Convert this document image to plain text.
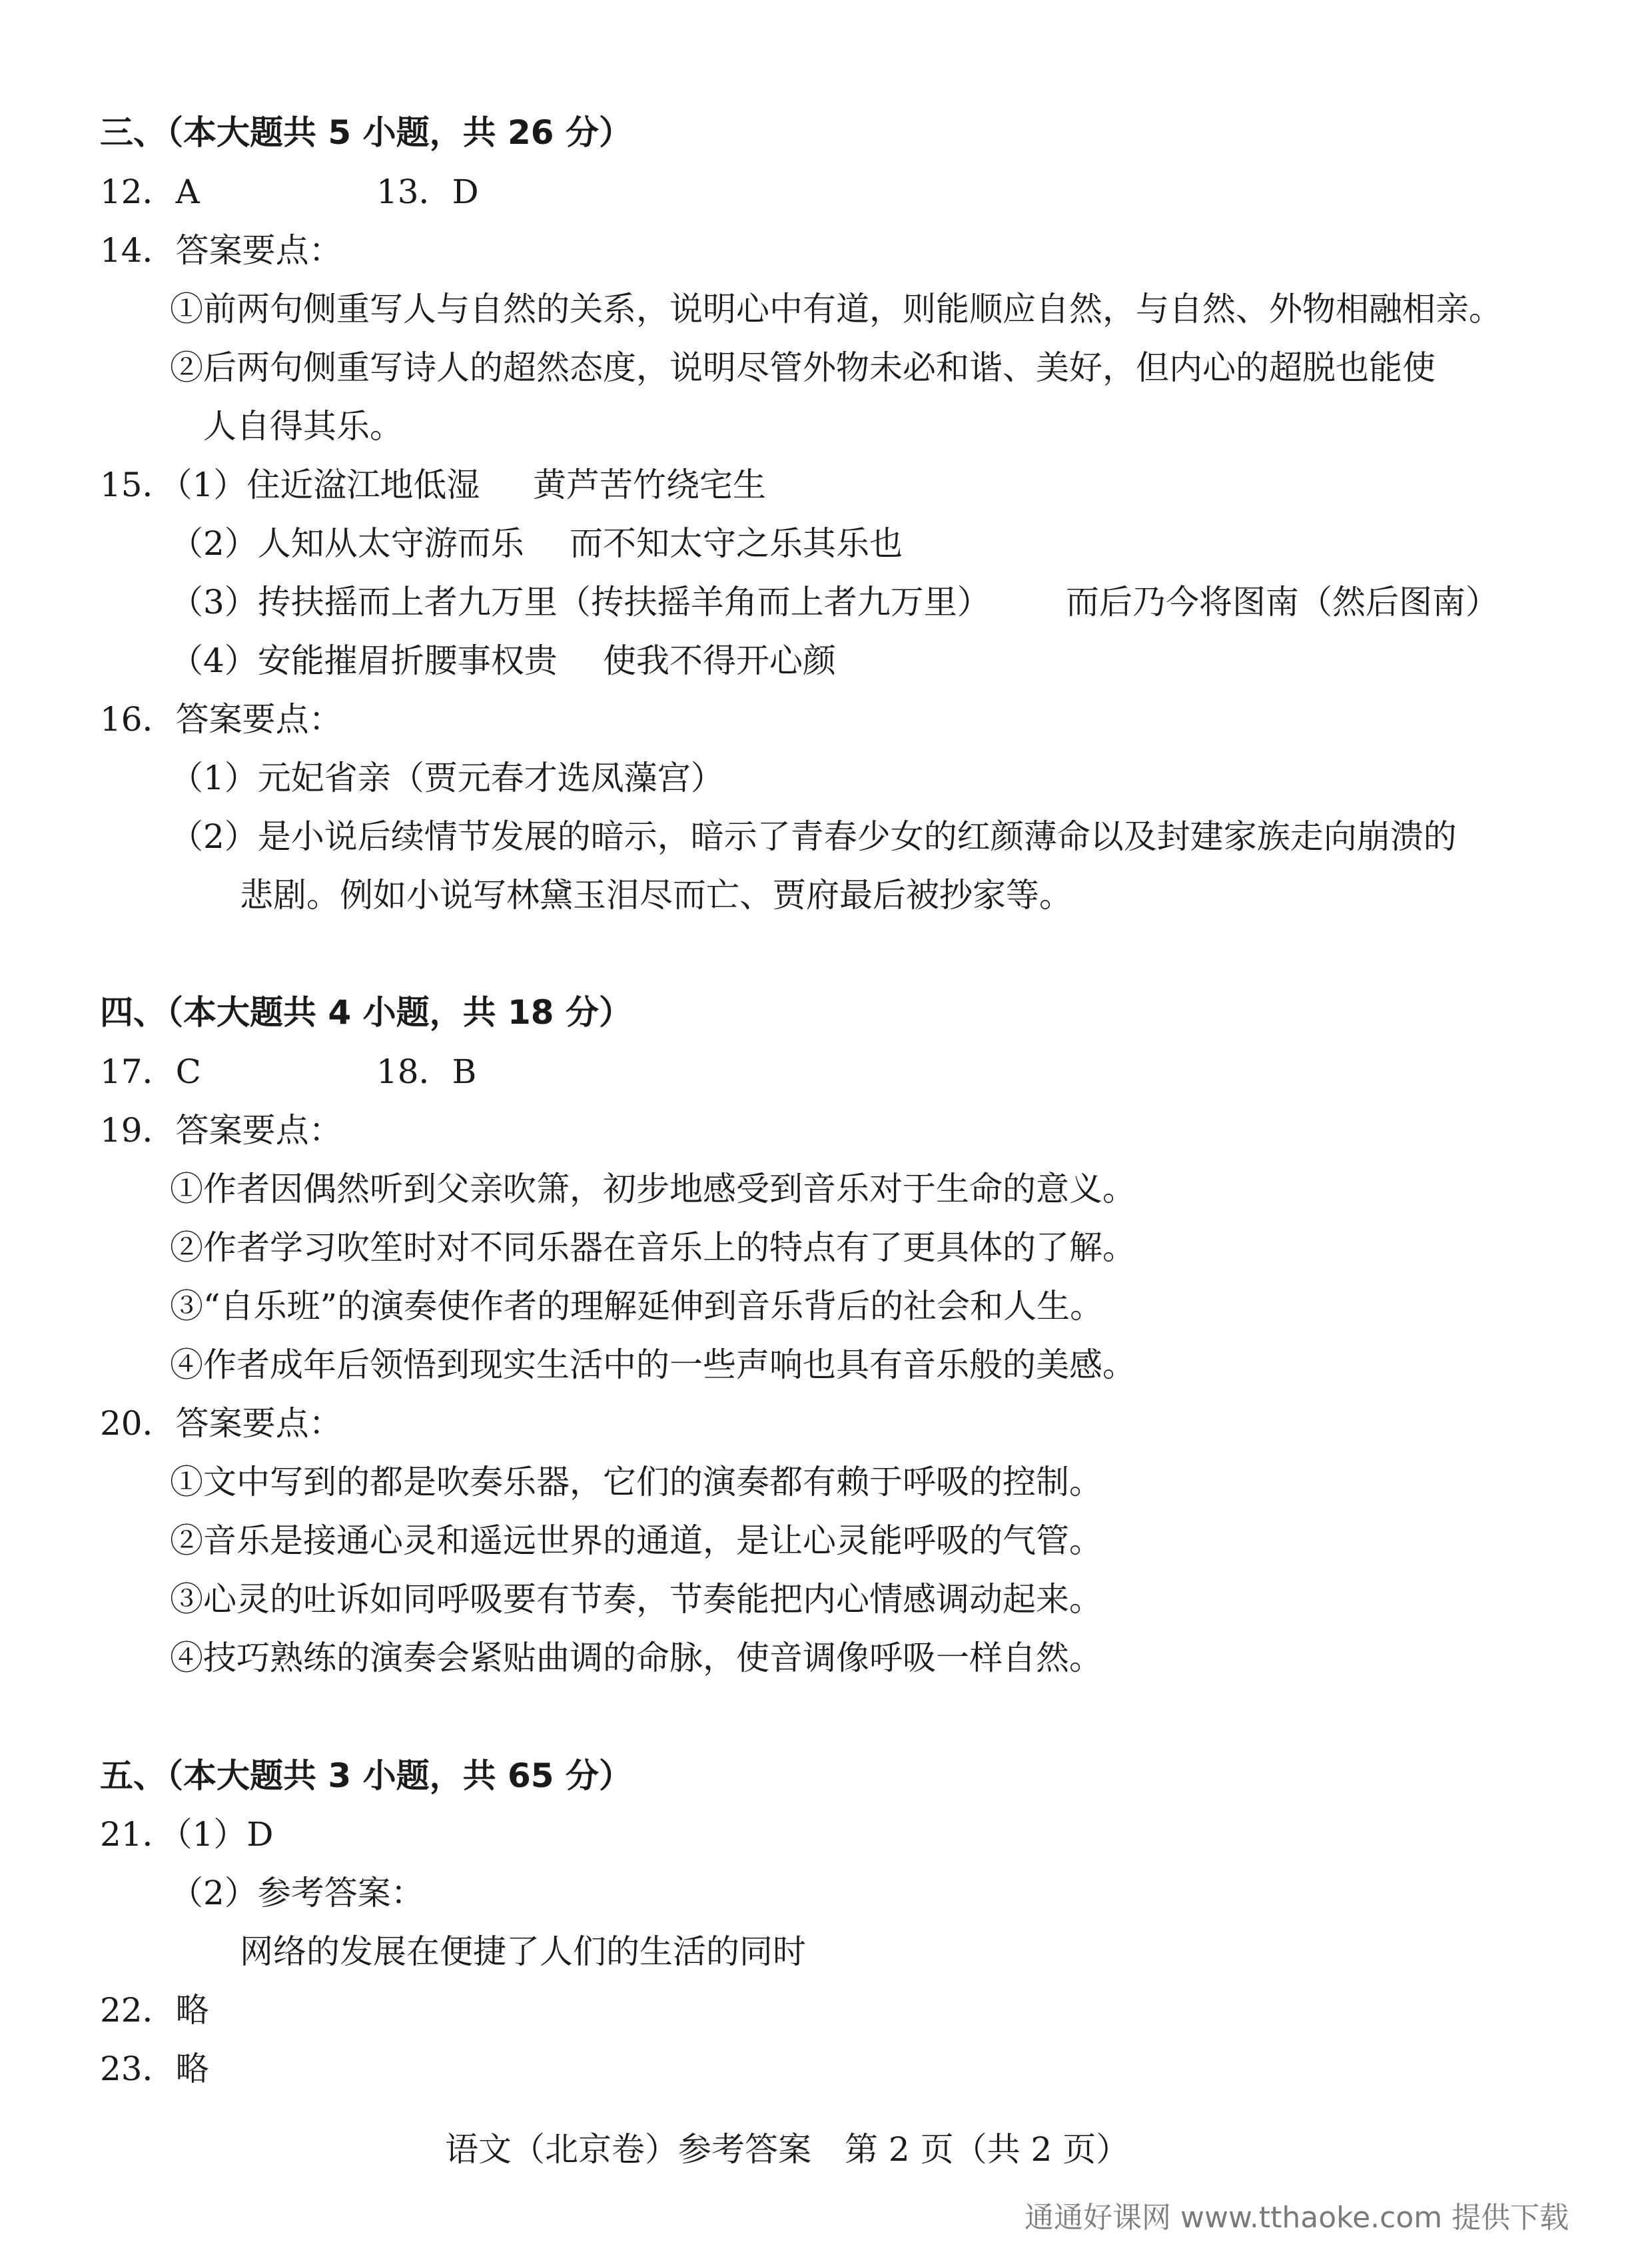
三、（本大题共 5 小题，共 26 分）
12．A	13．D
14．答案要点：
①前两句侧重写人与自然的关系，说明心中有道，则能顺应自然，与自然、外物相融相亲。
②后两句侧重写诗人的超然态度，说明尽管外物未必和谐、美好，但内心的超脱也能使
人自得其乐。
15．（1）住近湓江地低湿 黄芦苦竹绕宅生
（2）人知从太守游而乐 而不知太守之乐其乐也
（3）抟扶摇而上者九万里（抟扶摇羊角而上者九万里） 而后乃今将图南（然后图南）
（4）安能摧眉折腰事权贵 使我不得开心颜
16．答案要点：
（1）元妃省亲（贾元春才选凤藻宫）
（2）是小说后续情节发展的暗示，暗示了青春少女的红颜薄命以及封建家族走向崩溃的
悲剧。例如小说写林黛玉泪尽而亡、贾府最后被抄家等。
四、（本大题共 4 小题，共 18 分）
17．C	18．B
19．答案要点：
①作者因偶然听到父亲吹箫，初步地感受到音乐对于生命的意义。
②作者学习吹笙时对不同乐器在音乐上的特点有了更具体的了解。
③“自乐班”的演奏使作者的理解延伸到音乐背后的社会和人生。
④作者成年后领悟到现实生活中的一些声响也具有音乐般的美感。
20．答案要点：
①文中写到的都是吹奏乐器，它们的演奏都有赖于呼吸的控制。
②音乐是接通心灵和遥远世界的通道，是让心灵能呼吸的气管。
③心灵的吐诉如同呼吸要有节奏，节奏能把内心情感调动起来。
④技巧熟练的演奏会紧贴曲调的命脉，使音调像呼吸一样自然。
五、（本大题共 3 小题，共 65 分）
21．（1）D
（2）参考答案：
网络的发展在便捷了人们的生活的同时
22．略
23．略
语文（北京卷）参考答案　第 2 页（共 2 页）
通通好课网 www.tthaoke.com 提供下载
